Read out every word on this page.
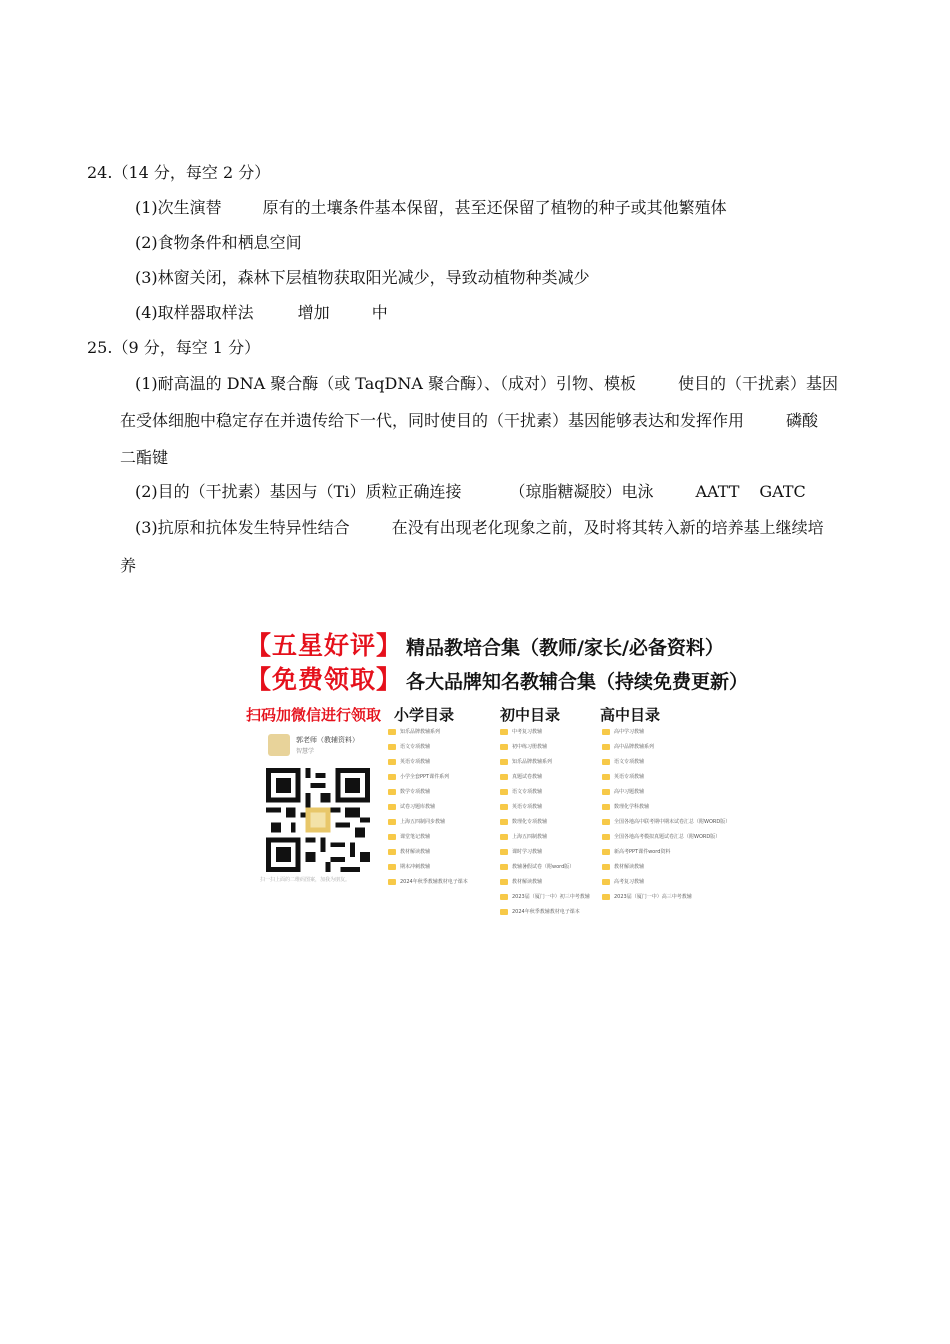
24.（14 分，每空 2 分）
(1)次生演替	原有的土壤条件基本保留，甚至还保留了植物的种子或其他繁殖体
(2)食物条件和栖息空间
(3)林窗关闭，森林下层植物获取阳光减少，导致动植物种类减少
(4)取样器取样法	增加	中
25.（9 分，每空 1 分）
(1)耐高温的 DNA 聚合酶（或 TaqDNA 聚合酶）、（成对）引物、模板	使目的（干扰素）基因
在受体细胞中稳定存在并遗传给下一代，同时使目的（干扰素）基因能够表达和发挥作用	磷酸
二酯键
(2)目的（干扰素）基因与（Ti）质粒正确连接	（琼脂糖凝胶）电泳	AATT GATC
(3)抗原和抗体发生特异性结合	在没有出现老化现象之前，及时将其转入新的培养基上继续培
养
【五星好评】 精品教培合集（教师/家长/必备资料）
【免费领取】 各大品牌知名教辅合集（持续免费更新）
扫码加微信进行领取 小学目录	初中目录	高中目录
郭老师（教辅资料）
智慧学
扫一扫上面的二维码图案，加我为朋友。
知乐品牌教辅系列
语文专项教辅
英语专项教辅
小学全套PPT课件系列
数学专项教辅
试卷习题库教辅
上海五四制同步教辅
课堂笔记教辅
教材解读教辅
期末冲刺教辅
2024年秋季教辅教材电子课本
中考复习教辅
初中练习册教辅
知乐品牌教辅系列
真题试卷教辅
语文专项教辅
英语专项教辅
数理化专项教辅
上海五四制教辅
课时学习教辅
教辅暑假试卷（附word版）
教材解读教辅
2023届（厦门一中）初三中考教辅
2024年秋季教辅教材电子课本
高中学习教辅
高中品牌教辅系列
语文专项教辅
英语专项教辅
高中习题教辅
数理化学科教辅
全国各地高中联考期中期末试卷汇总（附WORD版）
全国各地高考模拟真题试卷汇总（附WORD版）
新高考PPT课件word资料
教材解读教辅
高考复习教辅
2023届（厦门一中）高三中考教辅
